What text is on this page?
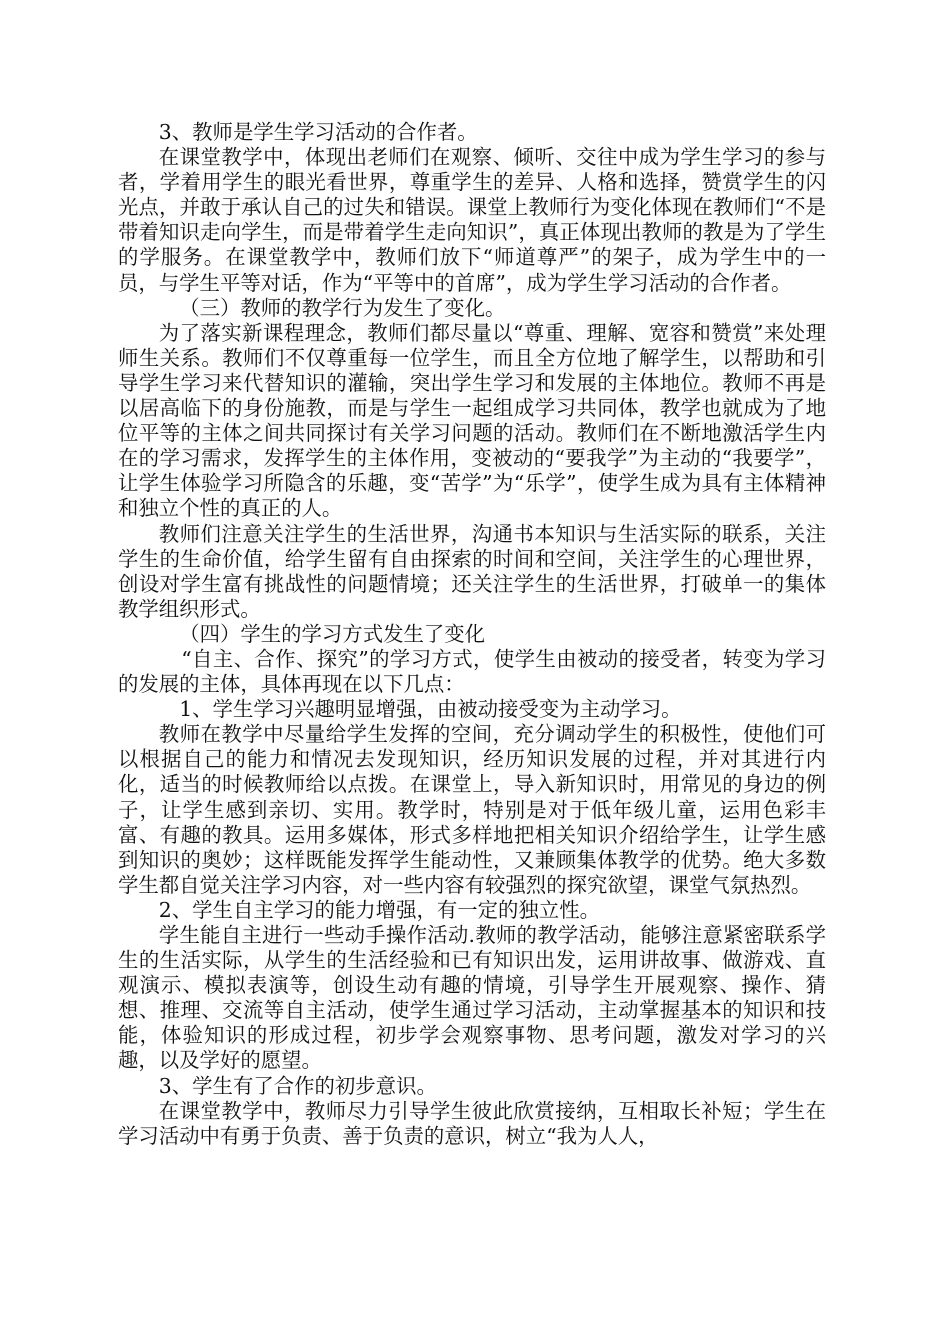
3、教师是学生学习活动的合作者。

在课堂教学中，体现出老师们在观察、倾听、交往中成为学生学习的参与者，学着用学生的眼光看世界，尊重学生的差异、人格和选择，赞赏学生的闪光点，并敢于承认自己的过失和错误。课堂上教师行为变化体现在教师们“不是带着知识走向学生，而是带着学生走向知识”，真正体现出教师的教是为了学生的学服务。在课堂教学中，教师们放下“师道尊严”的架子，成为学生中的一员，与学生平等对话，作为“平等中的首席”，成为学生学习活动的合作者。

（三）教师的教学行为发生了变化。

为了落实新课程理念，教师们都尽量以“尊重、理解、宽容和赞赏”来处理师生关系。教师们不仅尊重每一位学生，而且全方位地了解学生，以帮助和引导学生学习来代替知识的灌输，突出学生学习和发展的主体地位。教师不再是以居高临下的身份施教，而是与学生一起组成学习共同体，教学也就成为了地位平等的主体之间共同探讨有关学习问题的活动。教师们在不断地激活学生内在的学习需求，发挥学生的主体作用，变被动的“要我学”为主动的“我要学”，让学生体验学习所隐含的乐趣，变“苦学”为“乐学”，使学生成为具有主体精神和独立个性的真正的人。

教师们注意关注学生的生活世界，沟通书本知识与生活实际的联系，关注学生的生命价值，给学生留有自由探索的时间和空间，关注学生的心理世界，创设对学生富有挑战性的问题情境；还关注学生的生活世界，打破单一的集体教学组织形式。

（四）学生的学习方式发生了变化

“自主、合作、探究”的学习方式，使学生由被动的接受者，转变为学习的发展的主体，具体再现在以下几点：

1、学生学习兴趣明显增强，由被动接受变为主动学习。

教师在教学中尽量给学生发挥的空间，充分调动学生的积极性，使他们可以根据自己的能力和情况去发现知识，经历知识发展的过程，并对其进行内化，适当的时候教师给以点拨。在课堂上，导入新知识时，用常见的身边的例子，让学生感到亲切、实用。教学时，特别是对于低年级儿童，运用色彩丰富、有趣的教具。运用多媒体，形式多样地把相关知识介绍给学生，让学生感到知识的奥妙；这样既能发挥学生能动性，又兼顾集体教学的优势。绝大多数学生都自觉关注学习内容，对一些内容有较强烈的探究欲望，课堂气氛热烈。

2、学生自主学习的能力增强，有一定的独立性。

学生能自主进行一些动手操作活动.教师的教学活动，能够注意紧密联系学生的生活实际，从学生的生活经验和已有知识出发，运用讲故事、做游戏、直观演示、模拟表演等，创设生动有趣的情境，引导学生开展观察、操作、猜想、推理、交流等自主活动，使学生通过学习活动，主动掌握基本的知识和技能，体验知识的形成过程，初步学会观察事物、思考问题，激发对学习的兴趣，以及学好的愿望。

3、学生有了合作的初步意识。

在课堂教学中，教师尽力引导学生彼此欣赏接纳，互相取长补短；学生在学习活动中有勇于负责、善于负责的意识，树立“我为人人，
